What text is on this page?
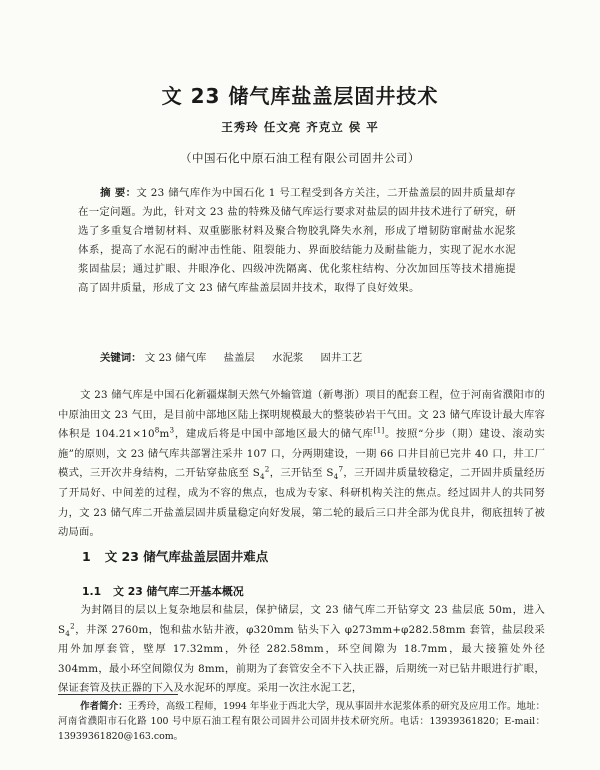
文 23 储气库盐盖层固井技术
王秀玲 任文亮 齐克立 侯 平
（中国石化中原石油工程有限公司固井公司）
摘 要：文 23 储气库作为中国石化 1 号工程受到各方关注，二开盐盖层的固井质量却存在一定问题。为此，针对文 23 盐的特殊及储气库运行要求对盐层的固井技术进行了研究，研选了多重复合增韧材料、双重膨胀材料及聚合物胶乳降失水剂，形成了增韧防窜耐盐水泥浆体系，提高了水泥石的耐冲击性能、阻裂能力、界面胶结能力及耐盐能力，实现了泥水水泥浆固盐层；通过扩眼、井眼净化、四级冲洗隔离、优化浆柱结构、分次加回压等技术措施提高了固井质量，形成了文 23 储气库盐盖层固井技术，取得了良好效果。
关键词： 文 23 储气库 盐盖层 水泥浆 固井工艺
文 23 储气库是中国石化新疆煤制天然气外输管道（新粤浙）项目的配套工程，位于河南省濮阳市的中原油田文 23 气田，是目前中部地区陆上探明规模最大的整装砂岩干气田。文 23 储气库设计最大库容体积是 $104.21\times 10^8m^3$，建成后将是中国中部地区最大的储气库[1]。按照“分步（期）建设、滚动实施”的原则，文 23 储气库共部署注采井 107 口，分两期建设，一期 66 口井目前已完井 40 口，井工厂模式，三开次井身结构，二开钻穿盐底至 $S_4^2$，三开钻至 $S_4^7$，三开固井质量较稳定，二开固井质量经历了开局好、中间差的过程，成为不容的焦点，也成为专家、科研机构关注的焦点。经过固井人的共同努力，文 23 储气库二开盐盖层固井质量稳定向好发展，第二轮的最后三口井全部为优良井，彻底扭转了被动局面。
1 文 23 储气库盐盖层固井难点
1.1 文 23 储气库二开基本概况
为封隔目的层以上复杂地层和盐层，保护储层，文 23 储气库二开钻穿文 23 盐层底 50m，进入 $S_4^2$，井深 2760m，饱和盐水钻井液，φ320mm 钻头下入 φ273mm+φ282.58mm 套管，盐层段采用外加厚套管，壁厚 17.32mm，外径 282.58mm，环空间隙为 18.7mm，最大接箍处外径 304mm，最小环空间隙仅为 8mm，前期为了套管安全不下入扶正器，后期统一对已钻井眼进行扩眼，保证套管及扶正器的下入及水泥环的厚度。采用一次注水泥工艺，
作者简介：王秀玲，高级工程师，1994 年毕业于西北大学，现从事固井水泥浆体系的研究及应用工作。地址：河南省濮阳市石化路 100 号中原石油工程有限公司固井公司固井技术研究所。电话：13939361820；E-mail：13939361820@163.com。
